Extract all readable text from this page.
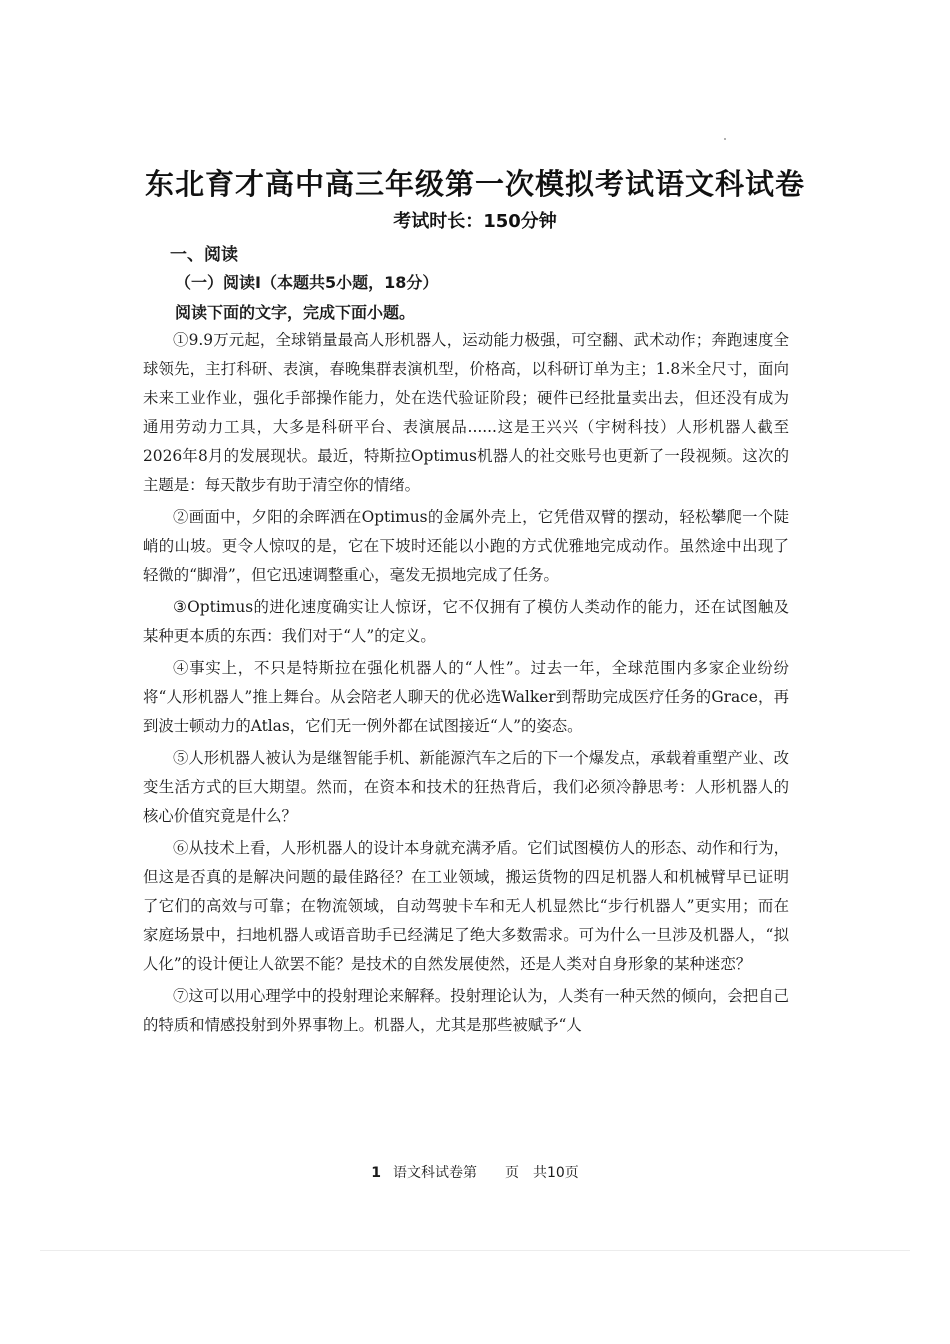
东北育才高中高三年级第一次模拟考试语文科试卷
考试时长：150分钟
一、阅读
（一）阅读Ⅰ（本题共5小题，18分）
阅读下面的文字，完成下面小题。

①9.9万元起，全球销量最高人形机器人，运动能力极强，可空翻、武术动作；奔跑速度全球领先，主打科研、表演，春晚集群表演机型，价格高，以科研订单为主；1.8米全尺寸，面向未来工业作业，强化手部操作能力，处在迭代验证阶段；硬件已经批量卖出去，但还没有成为通用劳动力工具，大多是科研平台、表演展品......这是王兴兴（宇树科技）人形机器人截至2026年8月的发展现状。最近，特斯拉Optimus机器人的社交账号也更新了一段视频。这次的主题是：每天散步有助于清空你的情绪。

②画面中，夕阳的余晖洒在Optimus的金属外壳上，它凭借双臂的摆动，轻松攀爬一个陡峭的山坡。更令人惊叹的是，它在下坡时还能以小跑的方式优雅地完成动作。虽然途中出现了轻微的“脚滑”，但它迅速调整重心，毫发无损地完成了任务。

③Optimus的进化速度确实让人惊讶，它不仅拥有了模仿人类动作的能力，还在试图触及某种更本质的东西：我们对于“人”的定义。

④事实上，不只是特斯拉在强化机器人的“人性”。过去一年，全球范围内多家企业纷纷将“人形机器人”推上舞台。从会陪老人聊天的优必选Walker到帮助完成医疗任务的Grace，再到波士顿动力的Atlas，它们无一例外都在试图接近“人”的姿态。

⑤人形机器人被认为是继智能手机、新能源汽车之后的下一个爆发点，承载着重塑产业、改变生活方式的巨大期望。然而，在资本和技术的狂热背后，我们必须冷静思考：人形机器人的核心价值究竟是什么？

⑥从技术上看，人形机器人的设计本身就充满矛盾。它们试图模仿人的形态、动作和行为，但这是否真的是解决问题的最佳路径？在工业领域，搬运货物的四足机器人和机械臂早已证明了它们的高效与可靠；在物流领域，自动驾驶卡车和无人机显然比“步行机器人”更实用；而在家庭场景中，扫地机器人或语音助手已经满足了绝大多数需求。可为什么一旦涉及机器人，“拟人化”的设计便让人欲罢不能？是技术的自然发展使然，还是人类对自身形象的某种迷恋？

⑦这可以用心理学中的投射理论来解释。投射理论认为，人类有一种天然的倾向，会把自己的特质和情感投射到外界事物上。机器人，尤其是那些被赋予“人

1 语文科试卷第　　页　共10页
